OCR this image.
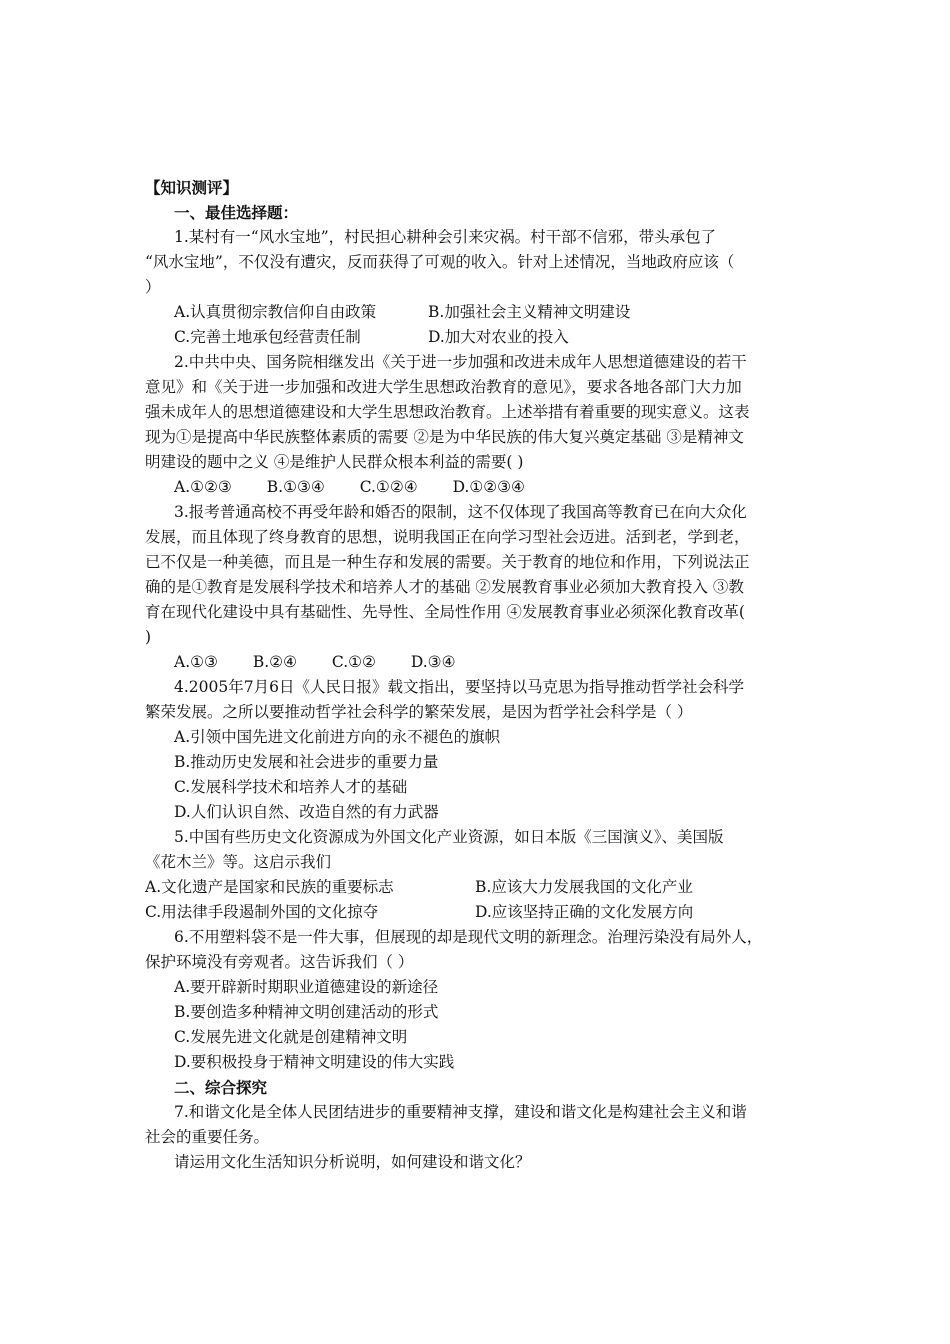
【知识测评】
一、最佳选择题：
1.某村有一“风水宝地”，村民担心耕种会引来灾祸。村干部不信邪，带头承包了
“风水宝地”，不仅没有遭灾，反而获得了可观的收入。针对上述情况，当地政府应该（
）
A.认真贯彻宗教信仰自由政策	B.加强社会主义精神文明建设
C.完善土地承包经营责任制	D.加大对农业的投入
2.中共中央、国务院相继发出《关于进一步加强和改进未成年人思想道德建设的若干
意见》和《关于进一步加强和改进大学生思想政治教育的意见》，要求各地各部门大力加
强未成年人的思想道德建设和大学生思想政治教育。上述举措有着重要的现实意义。这表
现为①是提高中华民族整体素质的需要 ②是为中华民族的伟大复兴奠定基础 ③是精神文
明建设的题中之义 ④是维护人民群众根本利益的需要( )
A.①②③ B.①③④ C.①②④ D.①②③④
3.报考普通高校不再受年龄和婚否的限制，这不仅体现了我国高等教育已在向大众化
发展，而且体现了终身教育的思想，说明我国正在向学习型社会迈进。活到老，学到老，
已不仅是一种美德，而且是一种生存和发展的需要。关于教育的地位和作用，下列说法正
确的是①教育是发展科学技术和培养人才的基础 ②发展教育事业必须加大教育投入 ③教
育在现代化建设中具有基础性、先导性、全局性作用 ④发展教育事业必须深化教育改革(
)
A.①③ B.②④ C.①② D.③④
4.2005年7月6日《人民日报》载文指出，要坚持以马克思为指导推动哲学社会科学
繁荣发展。之所以要推动哲学社会科学的繁荣发展，是因为哲学社会科学是（ ）
A.引领中国先进文化前进方向的永不褪色的旗帜
B.推动历史发展和社会进步的重要力量
C.发展科学技术和培养人才的基础
D.人们认识自然、改造自然的有力武器
5.中国有些历史文化资源成为外国文化产业资源，如日本版《三国演义》、美国版
《花木兰》等。这启示我们
A.文化遗产是国家和民族的重要标志	B.应该大力发展我国的文化产业
C.用法律手段遏制外国的文化掠夺	D.应该坚持正确的文化发展方向
6.不用塑料袋不是一件大事，但展现的却是现代文明的新理念。治理污染没有局外人，
保护环境没有旁观者。这告诉我们（ ）
A.要开辟新时期职业道德建设的新途径
B.要创造多种精神文明创建活动的形式
C.发展先进文化就是创建精神文明
D.要积极投身于精神文明建设的伟大实践
二、综合探究
7.和谐文化是全体人民团结进步的重要精神支撑，建设和谐文化是构建社会主义和谐
社会的重要任务。
请运用文化生活知识分析说明，如何建设和谐文化？
